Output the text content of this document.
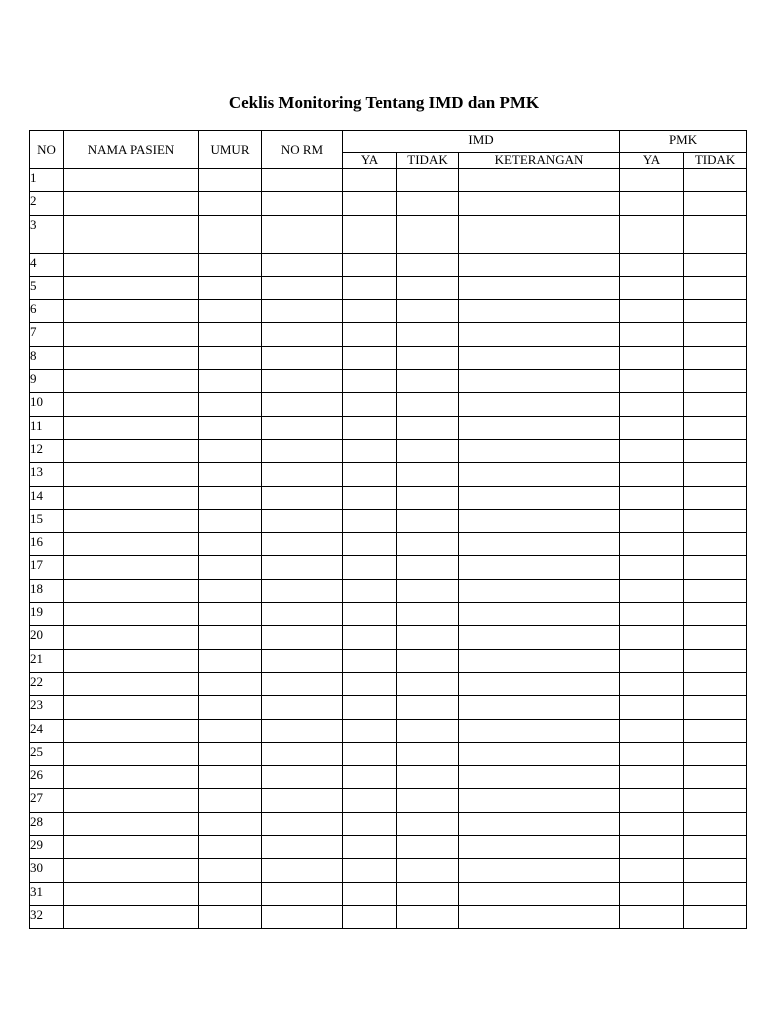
Ceklis Monitoring Tentang IMD dan PMK
NO	NAMA PASIEN	UMUR	NO RM	IMD			PMK	
				YA	TIDAK	KETERANGAN	YA	TIDAK
1								
2								
3								
4								
5								
6								
7								
8								
9								
10								
11								
12								
13								
14								
15								
16								
17								
18								
19								
20								
21								
22								
23								
24								
25								
26								
27								
28								
29								
30								
31								
32								
